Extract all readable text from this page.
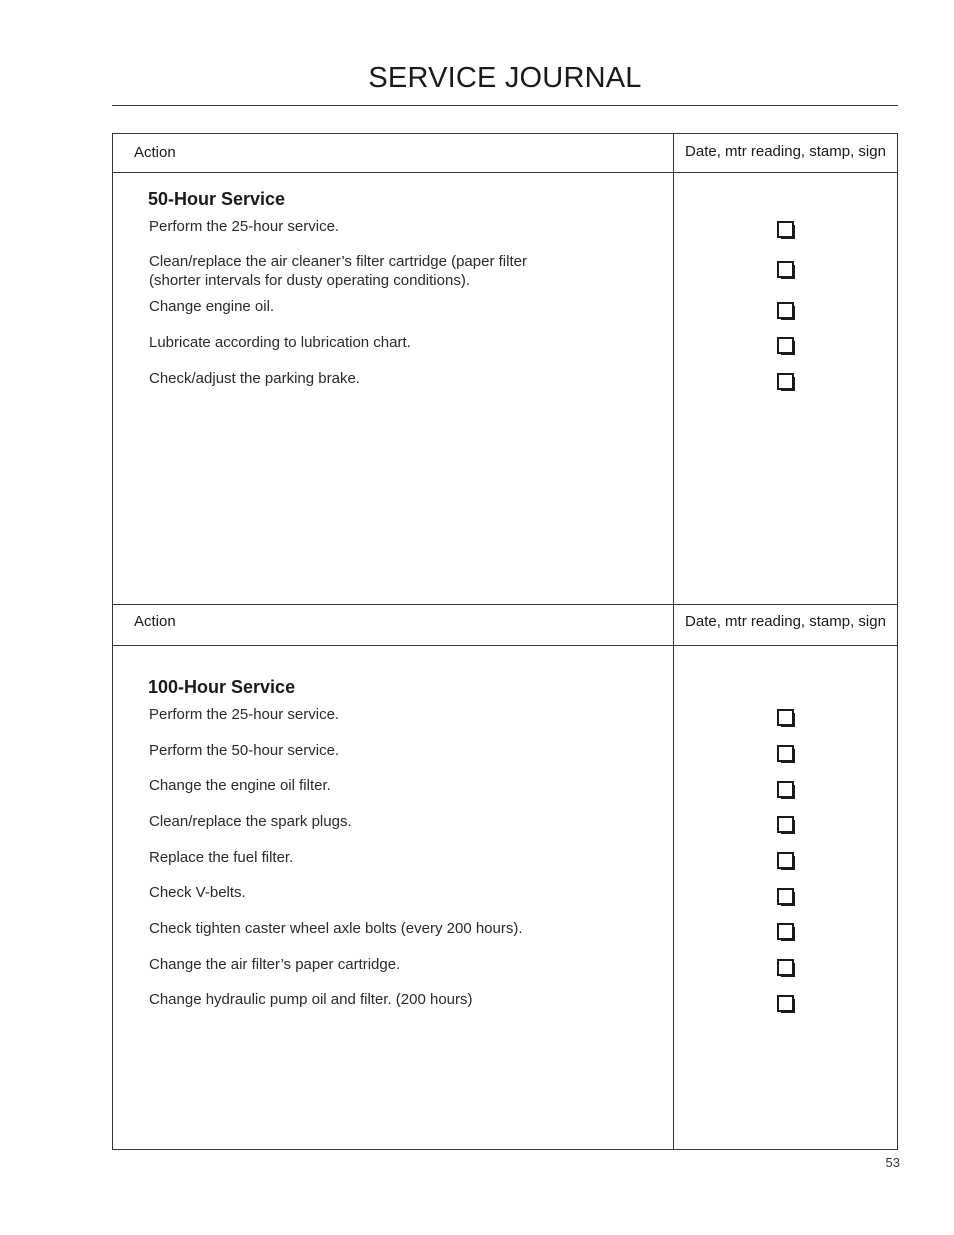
SERVICE JOURNAL
Action	Date, mtr reading, stamp, sign
50-Hour Service
Perform the 25-hour service.
Clean/replace the air cleaner’s filter cartridge (paper filter (shorter intervals for dusty operating conditions).
Change engine oil.
Lubricate according to lubrication chart.
Check/adjust the parking brake.
Action	Date, mtr reading, stamp, sign
100-Hour Service
Perform the 25-hour service.
Perform the 50-hour service.
Change the engine oil filter.
Clean/replace the spark plugs.
Replace the fuel filter.
Check V-belts.
Check tighten caster wheel axle bolts (every 200 hours).
Change the air filter’s paper cartridge.
Change hydraulic pump oil and filter. (200 hours)
53
